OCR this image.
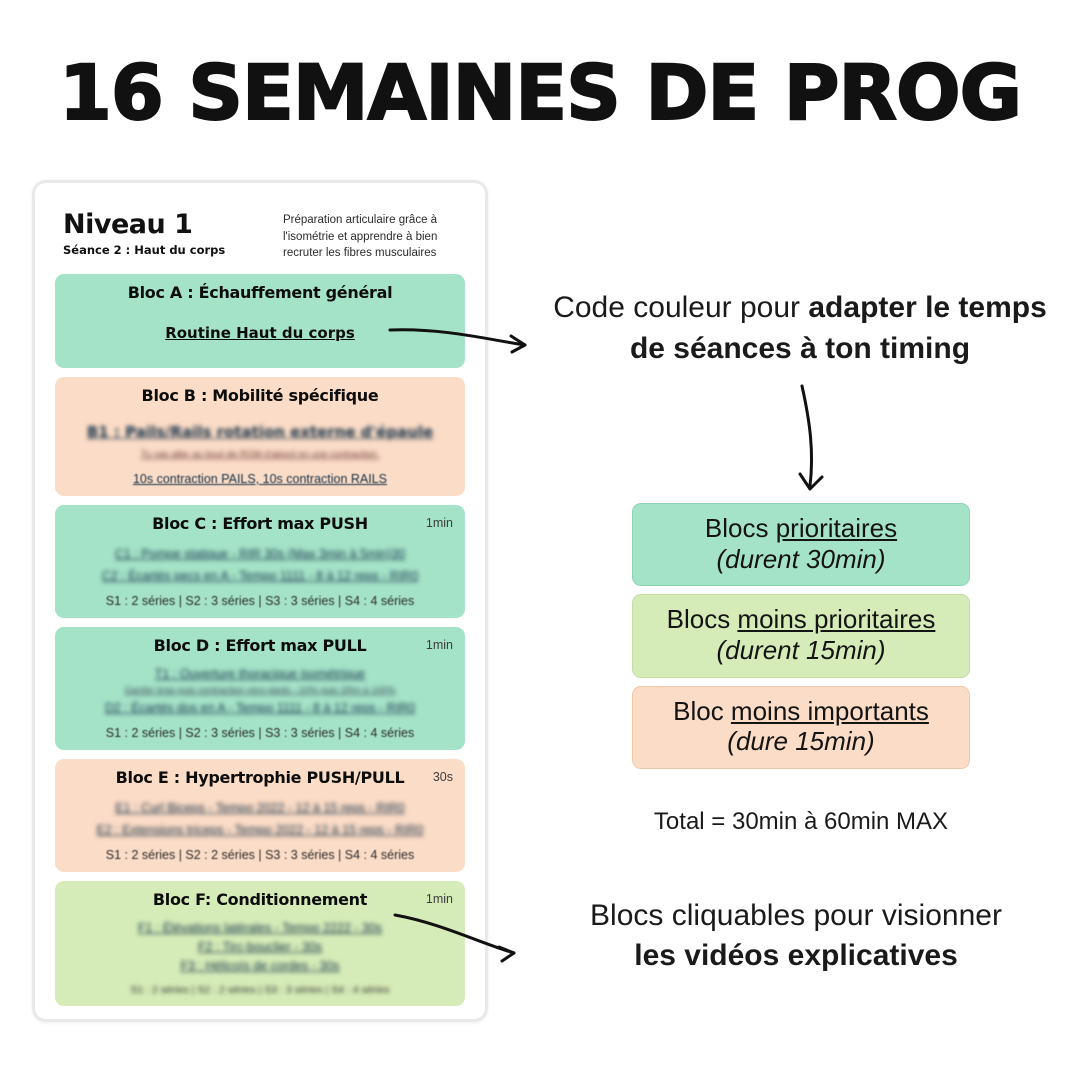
16 SEMAINES DE PROG
Niveau 1
Séance 2 : Haut du corps
Préparation articulaire grâce à l'isométrie et apprendre à bien recruter les fibres musculaires
Bloc A : Échauffement général
Routine Haut du corps
Bloc B : Mobilité spécifique
B1 : Pails/Rails rotation externe d'épaule
Tu vas aller au bout de ROM d'abord en une contraction.
10s contraction PAILS, 10s contraction RAILS
Bloc C : Effort max PUSH	1min
C1 : Pompe statique - RIR 30s (Max 3min à 5min)30
C2 : Écartés pecs en A - Tempo 1111 - 8 à 12 reps - RIR0
S1 : 2 séries | S2 : 3 séries | S3 : 3 séries | S4 : 4 séries
Bloc D : Effort max PULL	1min
T1 : Ouverture thoracique isométrique
Garder bras puis contraction vers pieds - 10% puis 1Rm à 100%
D2 : Écartés dos en A - Tempo 1111 - 8 à 12 reps - RIR0
S1 : 2 séries | S2 : 3 séries | S3 : 3 séries | S4 : 4 séries
Bloc E : Hypertrophie PUSH/PULL	30s
E1 : Curl Biceps - Tempo 2022 - 12 à 15 reps - RIR0
E2 : Extensions triceps - Tempo 2022 - 12 à 15 reps - RIR0
S1 : 2 séries | S2 : 2 séries | S3 : 3 séries | S4 : 4 séries
Bloc F: Conditionnement	1min
F1 : Élévations latérales - Tempo 2222 - 30s
F2 : Tirc-bouclier - 30s
F3 : Hélicoïs de cordes - 30s
S1 : 2 séries | S2 : 2 séries | S3 : 3 séries | S4 : 4 séries
Code couleur pour adapter le temps de séances à ton timing
Blocs prioritaires
(durent 30min)
Blocs moins prioritaires
(durent 15min)
Bloc moins importants
(dure 15min)
Total = 30min à 60min MAX
Blocs cliquables pour visionner
les vidéos explicatives
